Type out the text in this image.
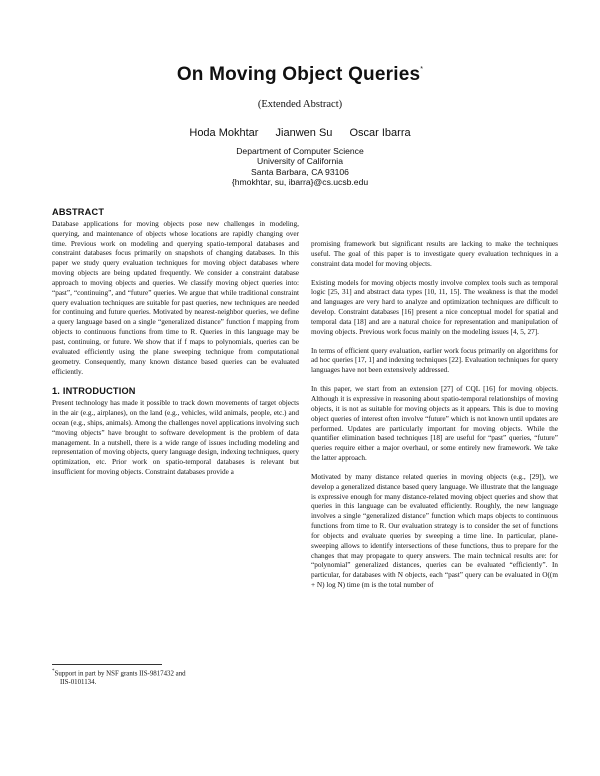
On Moving Object Queries*
(Extended Abstract)
Hoda Mokhtar Jianwen Su Oscar Ibarra
Department of Computer Science
University of California
Santa Barbara, CA 93106
{hmokhtar, su, ibarra}@cs.ucsb.edu
ABSTRACT

Database applications for moving objects pose new challenges in modeling, querying, and maintenance of objects whose locations are rapidly changing over time. Previous work on modeling and querying spatio-temporal databases and constraint databases focus primarily on snapshots of changing databases. In this paper we study query evaluation techniques for moving object databases where moving objects are being updated frequently. We consider a constraint database approach to moving objects and queries. We classify moving object queries into: “past”, “continuing”, and “future” queries. We argue that while traditional constraint query evaluation techniques are suitable for past queries, new techniques are needed for continuing and future queries. Motivated by nearest-neighbor queries, we define a query language based on a single “generalized distance” function f mapping from objects to continuous functions from time to R. Queries in this language may be past, continuing, or future. We show that if f maps to polynomials, queries can be evaluated efficiently using the plane sweeping technique from computational geometry. Consequently, many known distance based queries can be evaluated efficiently.

1. INTRODUCTION

Present technology has made it possible to track down movements of target objects in the air (e.g., airplanes), on the land (e.g., vehicles, wild animals, people, etc.) and ocean (e.g., ships, animals). Among the challenges novel applications involving such “moving objects” have brought to software development is the problem of data management. In a nutshell, there is a wide range of issues including modeling and representation of moving objects, query language design, indexing techniques, query optimization, etc. Prior work on spatio-temporal databases is relevant but insufficient for moving objects. Constraint databases provide a

*Support in part by NSF grants IIS-9817432 and
IIS-0101134.

promising framework but significant results are lacking to make the techniques useful. The goal of this paper is to investigate query evaluation techniques in a constraint data model for moving objects.

Existing models for moving objects mostly involve complex tools such as temporal logic [25, 31] and abstract data types [10, 11, 15]. The weakness is that the model and languages are very hard to analyze and optimization techniques are difficult to develop. Constraint databases [16] present a nice conceptual model for spatial and temporal data [18] and are a natural choice for representation and manipulation of moving objects. Previous work focus mainly on the modeling issues [4, 5, 27].

In terms of efficient query evaluation, earlier work focus primarily on algorithms for ad hoc queries [17, 1] and indexing techniques [22]. Evaluation techniques for query languages have not been extensively addressed.

In this paper, we start from an extension [27] of CQL [16] for moving objects. Although it is expressive in reasoning about spatio-temporal relationships of moving objects, it is not as suitable for moving objects as it appears. This is due to moving object queries of interest often involve “future” which is not known until updates are performed. Updates are particularly important for moving objects. While the quantifier elimination based techniques [18] are useful for “past” queries, “future” queries require either a major overhaul, or some entirely new framework. We take the latter approach.

Motivated by many distance related queries in moving objects (e.g., [29]), we develop a generalized distance based query language. We illustrate that the language is expressive enough for many distance-related moving object queries and show that queries in this language can be evaluated efficiently. Roughly, the new language involves a single “generalized distance” function which maps objects to continuous functions from time to R. Our evaluation strategy is to consider the set of functions for objects and evaluate queries by sweeping a time line. In particular, plane-sweeping allows to identify intersections of these functions, thus to prepare for the changes that may propagate to query answers. The main technical results are: for “polynomial” generalized distances, queries can be evaluated “efficiently”. In particular, for databases with N objects, each “past” query can be evaluated in O((m + N) log N) time (m is the total number of
